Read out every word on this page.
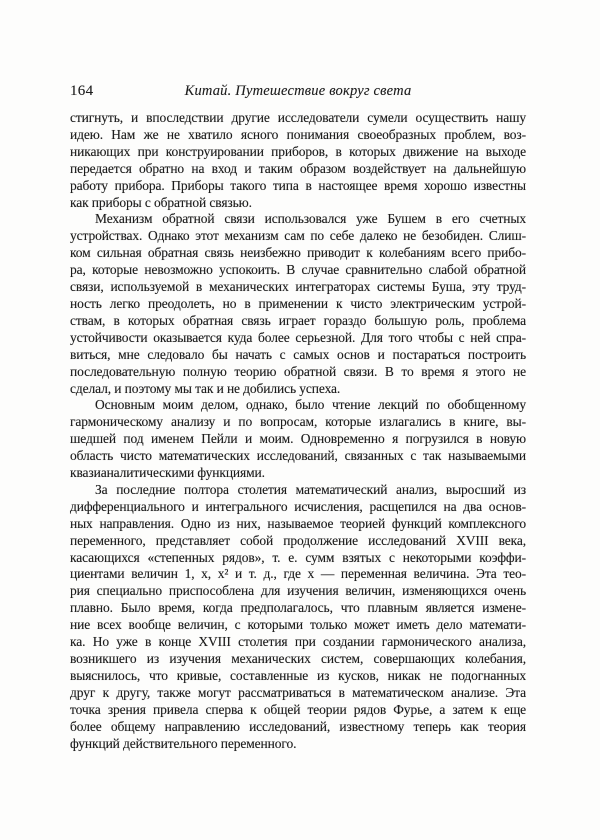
164	Китай. Путешествие вокруг света
стигнуть, и впоследствии другие исследователи сумели осуществить нашу
идею. Нам же не хватило ясного понимания своеобразных проблем, воз-
никающих при конструировании приборов, в которых движение на выходе
передается обратно на вход и таким образом воздействует на дальнейшую
работу прибора. Приборы такого типа в настоящее время хорошо известны
как приборы с обратной связью.
Механизм обратной связи использовался уже Бушем в его счетных
устройствах. Однако этот механизм сам по себе далеко не безобиден. Слиш-
ком сильная обратная связь неизбежно приводит к колебаниям всего прибо-
ра, которые невозможно успокоить. В случае сравнительно слабой обратной
связи, используемой в механических интеграторах системы Буша, эту труд-
ность легко преодолеть, но в применении к чисто электрическим устрой-
ствам, в которых обратная связь играет гораздо большую роль, проблема
устойчивости оказывается куда более серьезной. Для того чтобы с ней спра-
виться, мне следовало бы начать с самых основ и постараться построить
последовательную полную теорию обратной связи. В то время я этого не
сделал, и поэтому мы так и не добились успеха.
Основным моим делом, однако, было чтение лекций по обобщенному
гармоническому анализу и по вопросам, которые излагались в книге, вы-
шедшей под именем Пейли и моим. Одновременно я погрузился в новую
область чисто математических исследований, связанных с так называемыми
квазианалитическими функциями.
За последние полтора столетия математический анализ, выросший из
дифференциального и интегрального исчисления, расщепился на два основ-
ных направления. Одно из них, называемое теорией функций комплексного
переменного, представляет собой продолжение исследований XVIII века,
касающихся «степенных рядов», т. е. сумм взятых с некоторыми коэффи-
циентами величин 1, x, x² и т. д., где x — переменная величина. Эта тео-
рия специально приспособлена для изучения величин, изменяющихся очень
плавно. Было время, когда предполагалось, что плавным является измене-
ние всех вообще величин, с которыми только может иметь дело математи-
ка. Но уже в конце XVIII столетия при создании гармонического анализа,
возникшего из изучения механических систем, совершающих колебания,
выяснилось, что кривые, составленные из кусков, никак не подогнанных
друг к другу, также могут рассматриваться в математическом анализе. Эта
точка зрения привела сперва к общей теории рядов Фурье, а затем к еще
более общему направлению исследований, известному теперь как теория
функций действительного переменного.
